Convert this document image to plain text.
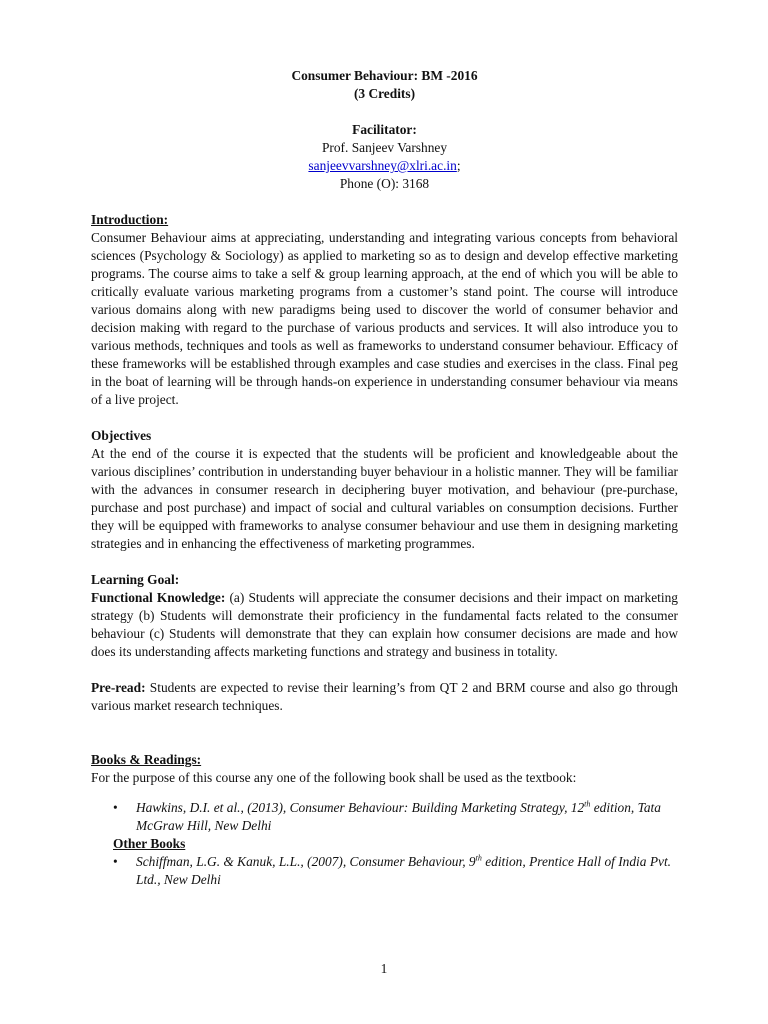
Consumer Behaviour: BM -2016
(3 Credits)
Facilitator:
Prof. Sanjeev Varshney
sanjeevvarshney@xlri.ac.in;
Phone (O): 3168
Introduction:

Consumer Behaviour aims at appreciating, understanding and integrating various concepts from behavioral sciences (Psychology & Sociology) as applied to marketing so as to design and develop effective marketing programs. The course aims to take a self & group learning approach, at the end of which you will be able to critically evaluate various marketing programs from a customer’s stand point. The course will introduce various domains along with new paradigms being used to discover the world of consumer behavior and decision making with regard to the purchase of various products and services. It will also introduce you to various methods, techniques and tools as well as frameworks to understand consumer behaviour. Efficacy of these frameworks will be established through examples and case studies and exercises in the class. Final peg in the boat of learning will be through hands-on experience in understanding consumer behaviour via means of a live project.

Objectives

At the end of the course it is expected that the students will be proficient and knowledgeable about the various disciplines’ contribution in understanding buyer behaviour in a holistic manner. They will be familiar with the advances in consumer research in deciphering buyer motivation, and behaviour (pre-purchase, purchase and post purchase) and impact of social and cultural variables on consumption decisions. Further they will be equipped with frameworks to analyse consumer behaviour and use them in designing marketing strategies and in enhancing the effectiveness of marketing programmes.

Learning Goal:

Functional Knowledge: (a) Students will appreciate the consumer decisions and their impact on marketing strategy (b) Students will demonstrate their proficiency in the fundamental facts related to the consumer behaviour (c) Students will demonstrate that they can explain how consumer decisions are made and how does its understanding affects marketing functions and strategy and business in totality.

Pre-read: Students are expected to revise their learning’s from QT 2 and BRM course and also go through various market research techniques.

Books & Readings:

For the purpose of this course any one of the following book shall be used as the textbook:

• Hawkins, D.I. et al., (2013), Consumer Behaviour: Building Marketing Strategy, 12th edition, Tata McGraw Hill, New Delhi
Other Books
• Schiffman, L.G. & Kanuk, L.L., (2007), Consumer Behaviour, 9th edition, Prentice Hall of India Pvt. Ltd., New Delhi
1
